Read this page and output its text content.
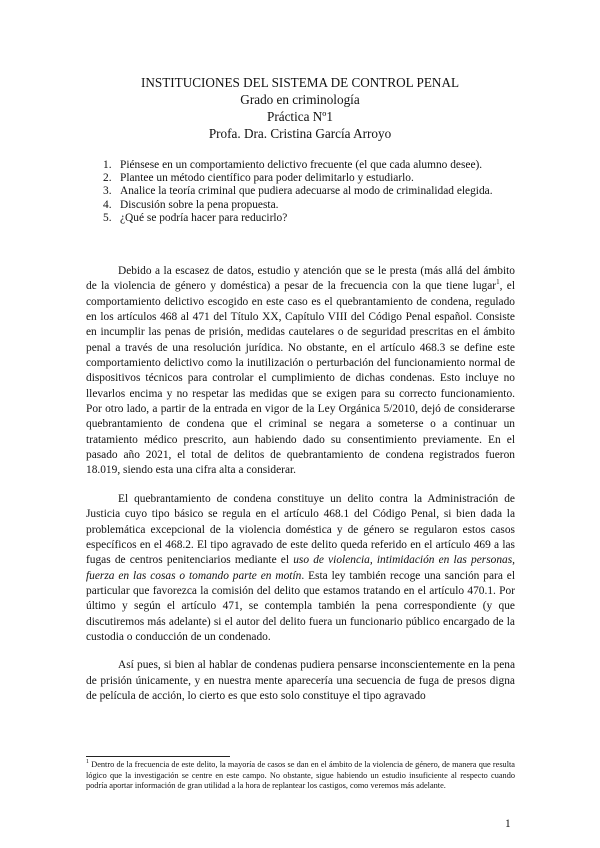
INSTITUCIONES DEL SISTEMA DE CONTROL PENAL
Grado en criminología
Práctica Nº1
Profa. Dra. Cristina García Arroyo
1. Piénsese en un comportamiento delictivo frecuente (el que cada alumno desee).
2. Plantee un método científico para poder delimitarlo y estudiarlo.
3. Analice la teoría criminal que pudiera adecuarse al modo de criminalidad elegida.
4. Discusión sobre la pena propuesta.
5. ¿Qué se podría hacer para reducirlo?

Debido a la escasez de datos, estudio y atención que se le presta (más allá del ámbito de la violencia de género y doméstica) a pesar de la frecuencia con la que tiene lugar$^1$, el comportamiento delictivo escogido en este caso es el quebrantamiento de condena, regulado en los artículos 468 al 471 del Título XX, Capítulo VIII del Código Penal español. Consiste en incumplir las penas de prisión, medidas cautelares o de seguridad prescritas en el ámbito penal a través de una resolución jurídica. No obstante, en el artículo 468.3 se define este comportamiento delictivo como la inutilización o perturbación del funcionamiento normal de dispositivos técnicos para controlar el cumplimiento de dichas condenas. Esto incluye no llevarlos encima y no respetar las medidas que se exigen para su correcto funcionamiento. Por otro lado, a partir de la entrada en vigor de la Ley Orgánica 5/2010, dejó de considerarse quebrantamiento de condena que el criminal se negara a someterse o a continuar un tratamiento médico prescrito, aun habiendo dado su consentimiento previamente. En el pasado año 2021, el total de delitos de quebrantamiento de condena registrados fueron 18.019, siendo esta una cifra alta a considerar.

El quebrantamiento de condena constituye un delito contra la Administración de Justicia cuyo tipo básico se regula en el artículo 468.1 del Código Penal, si bien dada la problemática excepcional de la violencia doméstica y de género se regularon estos casos específicos en el 468.2. El tipo agravado de este delito queda referido en el artículo 469 a las fugas de centros penitenciarios mediante el uso de violencia, intimidación en las personas, fuerza en las cosas o tomando parte en motín. Esta ley también recoge una sanción para el particular que favorezca la comisión del delito que estamos tratando en el artículo 470.1. Por último y según el artículo 471, se contempla también la pena correspondiente (y que discutiremos más adelante) si el autor del delito fuera un funcionario público encargado de la custodia o conducción de un condenado.

Así pues, si bien al hablar de condenas pudiera pensarse inconscientemente en la pena de prisión únicamente, y en nuestra mente aparecería una secuencia de fuga de presos digna de película de acción, lo cierto es que esto solo constituye el tipo agravado

$^1$ Dentro de la frecuencia de este delito, la mayoría de casos se dan en el ámbito de la violencia de género, de manera que resulta lógico que la investigación se centre en este campo. No obstante, sigue habiendo un estudio insuficiente al respecto cuando podría aportar información de gran utilidad a la hora de replantear los castigos, como veremos más adelante.
1
